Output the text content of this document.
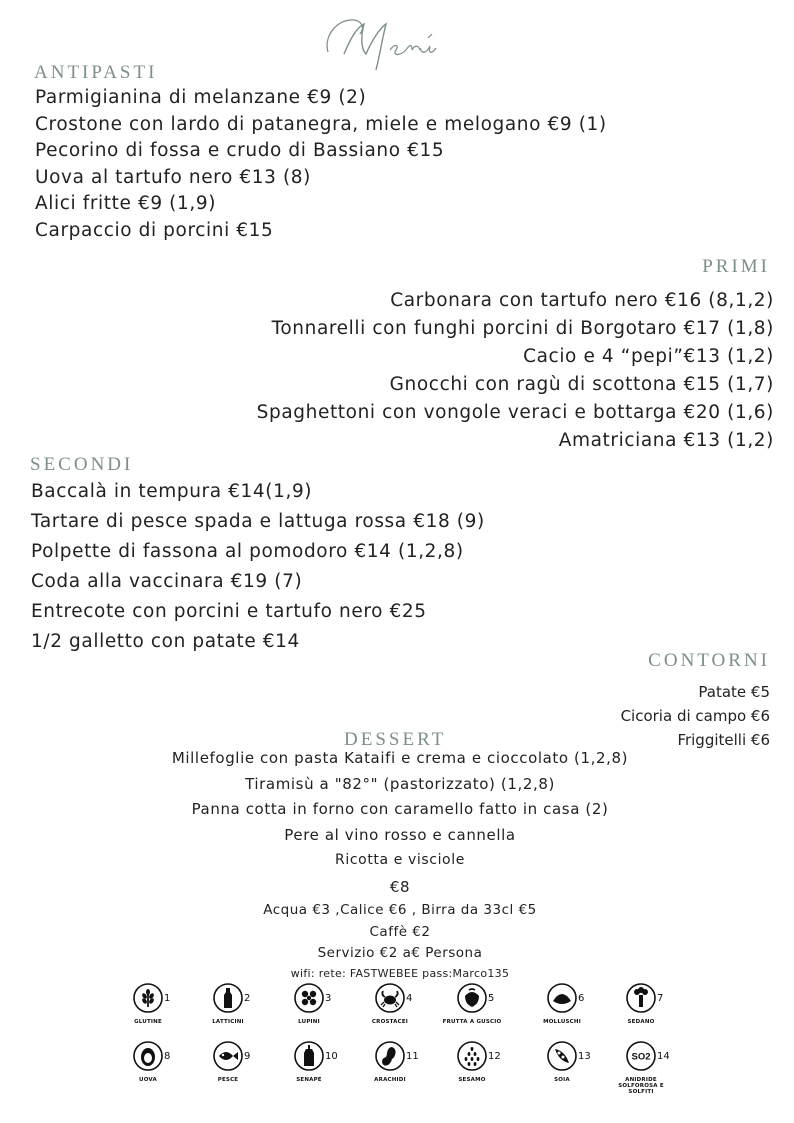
Menù
ANTIPASTI
Parmigianina di melanzane €9 (2)
Crostone con lardo di patanegra, miele e melogano €9 (1)
Pecorino di fossa e crudo di Bassiano €15
Uova al tartufo nero €13 (8)
Alici fritte €9 (1,9)
Carpaccio di porcini €15
PRIMI
Carbonara con tartufo nero €16 (8,1,2)
Tonnarelli con funghi porcini di Borgotaro €17 (1,8)
Cacio e 4 “pepi”€13 (1,2)
Gnocchi con ragù di scottona €15 (1,7)
Spaghettoni con vongole veraci e bottarga €20 (1,6)
Amatriciana €13 (1,2)
SECONDI
Baccalà in tempura €14(1,9)
Tartare di pesce spada e lattuga rossa €18 (9)
Polpette di fassona al pomodoro €14 (1,2,8)
Coda alla vaccinara €19 (7)
Entrecote con porcini e tartufo nero €25
1/2 galletto con patate €14
CONTORNI
Patate €5
Cicoria di campo €6
Friggitelli €6
DESSERT
Millefoglie con pasta Kataifi e crema e cioccolato (1,2,8)
Tiramisù a "82°" (pastorizzato) (1,2,8)
Panna cotta in forno con caramello fatto in casa (2)
Pere al vino rosso e cannella
Ricotta e visciole
€8
Acqua €3 ,Calice €6 , Birra da 33cl €5
Caffè €2
Servizio €2 a€ Persona
wifi: rete: FASTWEBEE pass:Marco135
1
GLUTINE
2
LATTICINI
3
LUPINI
4
CROSTACEI
5
FRUTTA A GUSCIO
6
MOLLUSCHI
7
SEDANO
8
UOVA
9
PESCE
10
SENAPE
11
ARACHIDI
12
SESAMO
13
SOIA
SO2 14
ANIDRIDE SOLFOROSA E SOLFITI
